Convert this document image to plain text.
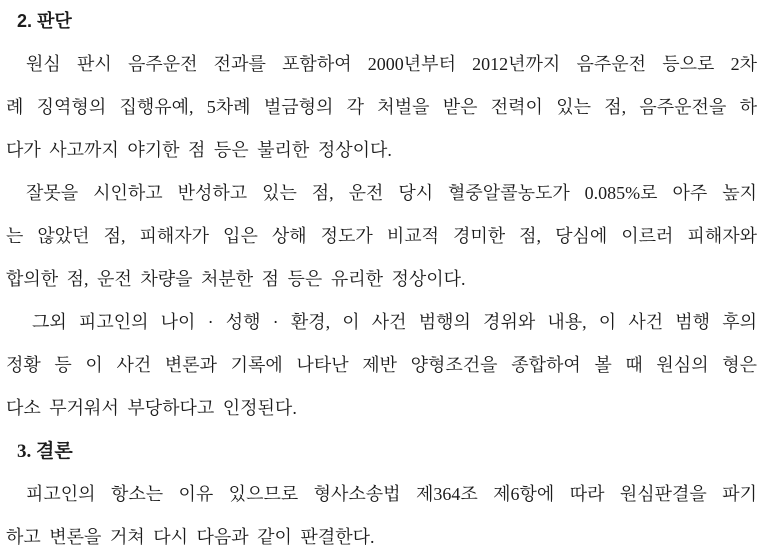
2. 판단
원심 판시 음주운전 전과를 포함하여 2000년부터 2012년까지 음주운전 등으로 2차
례 징역형의 집행유예, 5차례 벌금형의 각 처벌을 받은 전력이 있는 점, 음주운전을 하
다가 사고까지 야기한 점 등은 불리한 정상이다.
잘못을 시인하고 반성하고 있는 점, 운전 당시 혈중알콜농도가 0.085%로 아주 높지
는 않았던 점, 피해자가 입은 상해 정도가 비교적 경미한 점, 당심에 이르러 피해자와
합의한 점, 운전 차량을 처분한 점 등은 유리한 정상이다.
그외 피고인의 나이 · 성행 · 환경, 이 사건 범행의 경위와 내용, 이 사건 범행 후의
정황 등 이 사건 변론과 기록에 나타난 제반 양형조건을 종합하여 볼 때 원심의 형은
다소 무거워서 부당하다고 인정된다.
3. 결론
피고인의 항소는 이유 있으므로 형사소송법 제364조 제6항에 따라 원심판결을 파기
하고 변론을 거쳐 다시 다음과 같이 판결한다.
